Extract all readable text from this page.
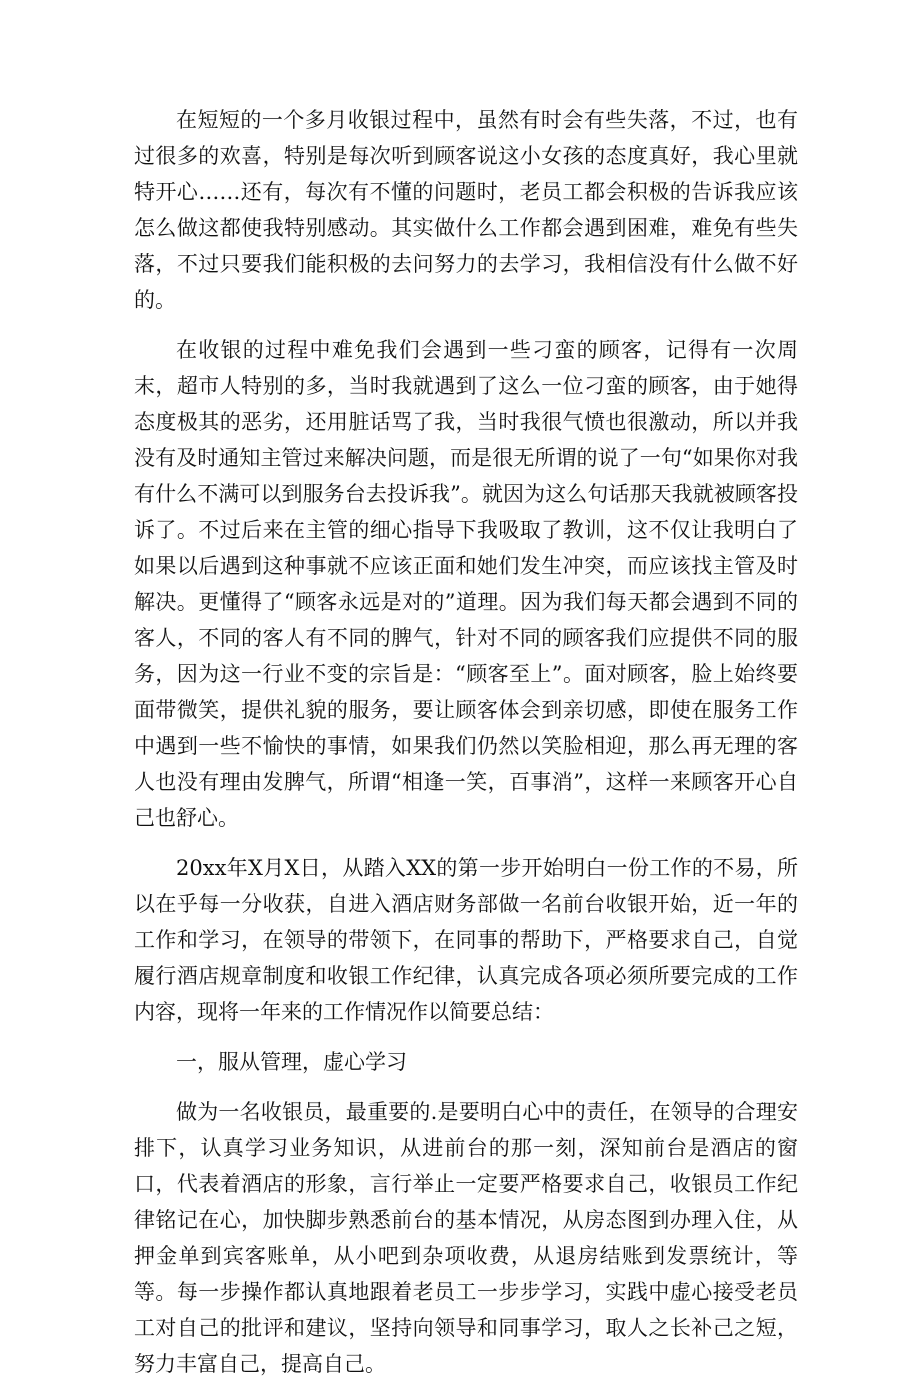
在短短的一个多月收银过程中，虽然有时会有些失落，不过，也有过很多的欢喜，特别是每次听到顾客说这小女孩的态度真好，我心里就特开心……还有，每次有不懂的问题时，老员工都会积极的告诉我应该怎么做这都使我特别感动。其实做什么工作都会遇到困难，难免有些失落，不过只要我们能积极的去问努力的去学习，我相信没有什么做不好的。

在收银的过程中难免我们会遇到一些刁蛮的顾客，记得有一次周末，超市人特别的多，当时我就遇到了这么一位刁蛮的顾客，由于她得态度极其的恶劣，还用脏话骂了我，当时我很气愤也很激动，所以并我没有及时通知主管过来解决问题，而是很无所谓的说了一句“如果你对我有什么不满可以到服务台去投诉我”。就因为这么句话那天我就被顾客投诉了。不过后来在主管的细心指导下我吸取了教训，这不仅让我明白了如果以后遇到这种事就不应该正面和她们发生冲突，而应该找主管及时解决。更懂得了“顾客永远是对的”道理。因为我们每天都会遇到不同的客人，不同的客人有不同的脾气，针对不同的顾客我们应提供不同的服务，因为这一行业不变的宗旨是：“顾客至上”。面对顾客，脸上始终要面带微笑，提供礼貌的服务，要让顾客体会到亲切感，即使在服务工作中遇到一些不愉快的事情，如果我们仍然以笑脸相迎，那么再无理的客人也没有理由发脾气，所谓“相逢一笑，百事消”，这样一来顾客开心自己也舒心。

20xx年X月X日，从踏入XX的第一步开始明白一份工作的不易，所以在乎每一分收获，自进入酒店财务部做一名前台收银开始，近一年的工作和学习，在领导的带领下，在同事的帮助下，严格要求自己，自觉履行酒店规章制度和收银工作纪律，认真完成各项必须所要完成的工作内容，现将一年来的工作情况作以简要总结：

一，服从管理，虚心学习

做为一名收银员，最重要的.是要明白心中的责任，在领导的合理安排下，认真学习业务知识，从进前台的那一刻，深知前台是酒店的窗口，代表着酒店的形象，言行举止一定要严格要求自己，收银员工作纪律铭记在心，加快脚步熟悉前台的基本情况，从房态图到办理入住，从押金单到宾客账单，从小吧到杂项收费，从退房结账到发票统计，等等。每一步操作都认真地跟着老员工一步步学习，实践中虚心接受老员工对自己的批评和建议，坚持向领导和同事学习，取人之长补己之短，努力丰富自己，提高自己。
